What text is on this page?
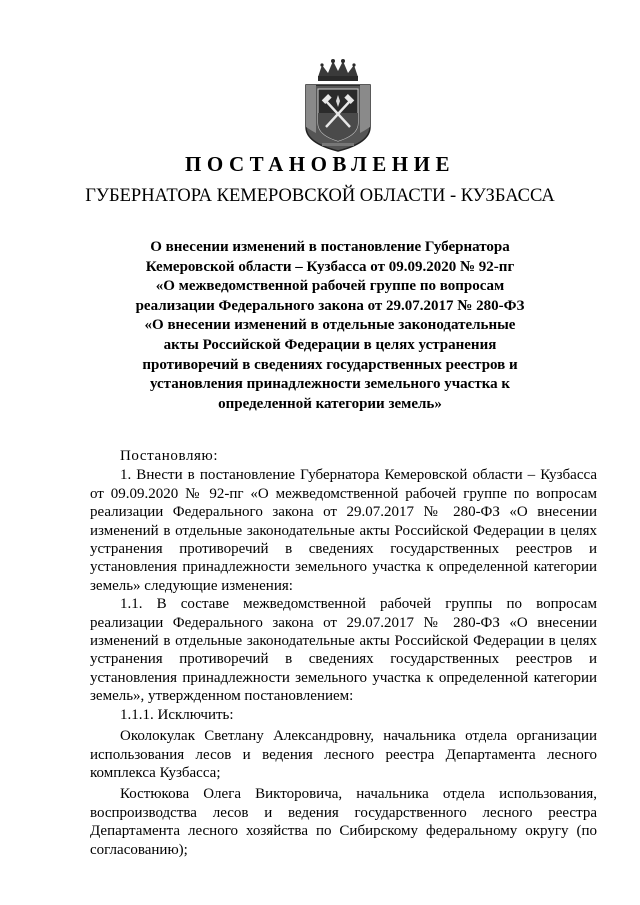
ПОСТАНОВЛЕНИЕ
ГУБЕРНАТОРА КЕМЕРОВСКОЙ ОБЛАСТИ - КУЗБАССА
О внесении изменений в постановление Губернатора
Кемеровской области – Кузбасса от 09.09.2020 № 92-пг
«О межведомственной рабочей группе по вопросам
реализации Федерального закона от 29.07.2017 № 280-ФЗ
«О внесении изменений в отдельные законодательные
акты Российской Федерации в целях устранения
противоречий в сведениях государственных реестров и
установления принадлежности земельного участка к
определенной категории земель»

Постановляю:

1. Внести в постановление Губернатора Кемеровской области – Кузбасса от 09.09.2020 № 92-пг «О межведомственной рабочей группе по вопросам реализации Федерального закона от 29.07.2017 № 280-ФЗ «О внесении изменений в отдельные законодательные акты Российской Федерации в целях устранения противоречий в сведениях государственных реестров и установления принадлежности земельного участка к определенной категории земель» следующие изменения:

1.1. В составе межведомственной рабочей группы по вопросам реализации Федерального закона от 29.07.2017 № 280-ФЗ «О внесении изменений в отдельные законодательные акты Российской Федерации в целях устранения противоречий в сведениях государственных реестров и установления принадлежности земельного участка к определенной категории земель», утвержденном постановлением:

1.1.1. Исключить:

Околокулак Светлану Александровну, начальника отдела организации использования лесов и ведения лесного реестра Департамента лесного комплекса Кузбасса;

Костюкова Олега Викторовича, начальника отдела использования, воспроизводства лесов и ведения государственного лесного реестра Департамента лесного хозяйства по Сибирскому федеральному округу (по согласованию);
